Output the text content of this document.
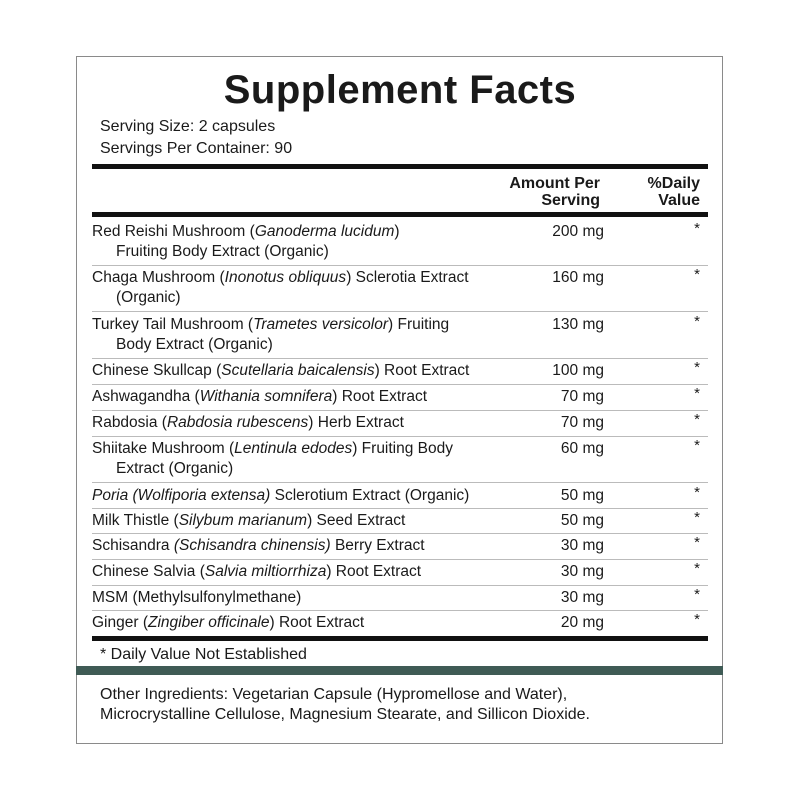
Supplement Facts
Serving Size: 2 capsules
Servings Per Container: 90
Amount Per
Serving
%Daily
Value
Red Reishi Mushroom (Ganoderma lucidum)
Fruiting Body Extract (Organic)
200 mg	*
Chaga Mushroom (Inonotus obliquus) Sclerotia Extract
(Organic)
160 mg	*
Turkey Tail Mushroom (Trametes versicolor) Fruiting
Body Extract (Organic)
130 mg	*
Chinese Skullcap (Scutellaria baicalensis) Root Extract	100 mg	*
Ashwagandha (Withania somnifera) Root Extract	70 mg	*
Rabdosia (Rabdosia rubescens) Herb Extract	70 mg	*
Shiitake Mushroom (Lentinula edodes) Fruiting Body
Extract (Organic)
60 mg	*
Poria (Wolfiporia extensa) Sclerotium Extract (Organic)	50 mg	*
Milk Thistle (Silybum marianum) Seed Extract	50 mg	*
Schisandra (Schisandra chinensis) Berry Extract	30 mg	*
Chinese Salvia (Salvia miltiorrhiza) Root Extract	30 mg	*
MSM (Methylsulfonylmethane)	30 mg	*
Ginger (Zingiber officinale) Root Extract	20 mg	*
* Daily Value Not Established
Other Ingredients: Vegetarian Capsule (Hypromellose and Water),
Microcrystalline Cellulose, Magnesium Stearate, and Sillicon Dioxide.
